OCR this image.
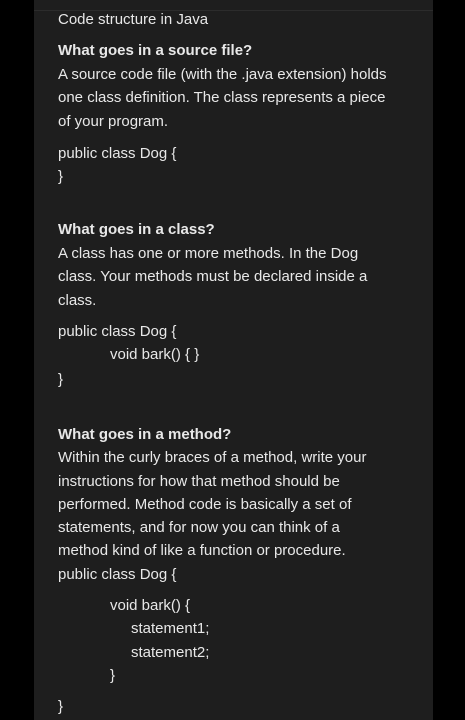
Code structure in Java
What goes in a source file?
A source code file (with the .java extension) holds
one class definition. The class represents a piece
of your program.
public class Dog {
}
What goes in a class?
A class has one or more methods. In the Dog
class. Your methods must be declared inside a
class.
public class Dog {
void bark() { }
}
What goes in a method?
Within the curly braces of a method, write your
instructions for how that method should be
performed. Method code is basically a set of
statements, and for now you can think of a
method kind of like a function or procedure.
public class Dog {
void bark() {
statement1;
statement2;
}
}
